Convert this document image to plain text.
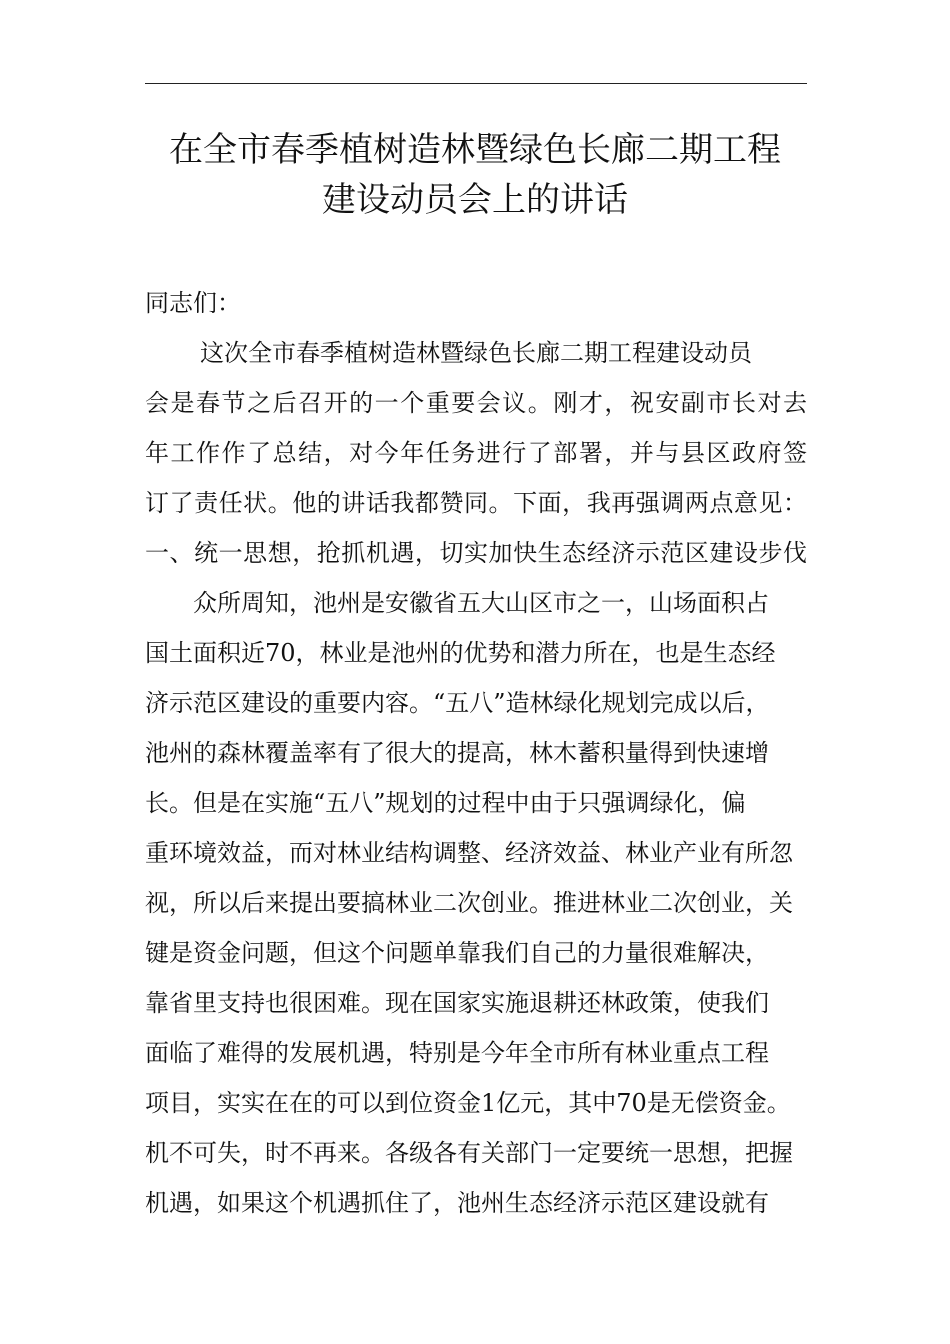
在全市春季植树造林暨绿色长廊二期工程
建设动员会上的讲话
同志们：
这次全市春季植树造林暨绿色长廊二期工程建设动员
会是春节之后召开的一个重要会议。刚才，祝安副市长对去
年工作作了总结，对今年任务进行了部署，并与县区政府签
订了责任状。他的讲话我都赞同。下面，我再强调两点意见：
一、统一思想，抢抓机遇，切实加快生态经济示范区建设步伐
众所周知，池州是安徽省五大山区市之一，山场面积占
国土面积近70，林业是池州的优势和潜力所在，也是生态经
济示范区建设的重要内容。“五八”造林绿化规划完成以后，
池州的森林覆盖率有了很大的提高，林木蓄积量得到快速增
长。但是在实施“五八”规划的过程中由于只强调绿化，偏
重环境效益，而对林业结构调整、经济效益、林业产业有所忽
视，所以后来提出要搞林业二次创业。推进林业二次创业，关
键是资金问题，但这个问题单靠我们自己的力量很难解决，
靠省里支持也很困难。现在国家实施退耕还林政策，使我们
面临了难得的发展机遇，特别是今年全市所有林业重点工程
项目，实实在在的可以到位资金1亿元，其中70是无偿资金。
机不可失，时不再来。各级各有关部门一定要统一思想，把握
机遇，如果这个机遇抓住了，池州生态经济示范区建设就有
